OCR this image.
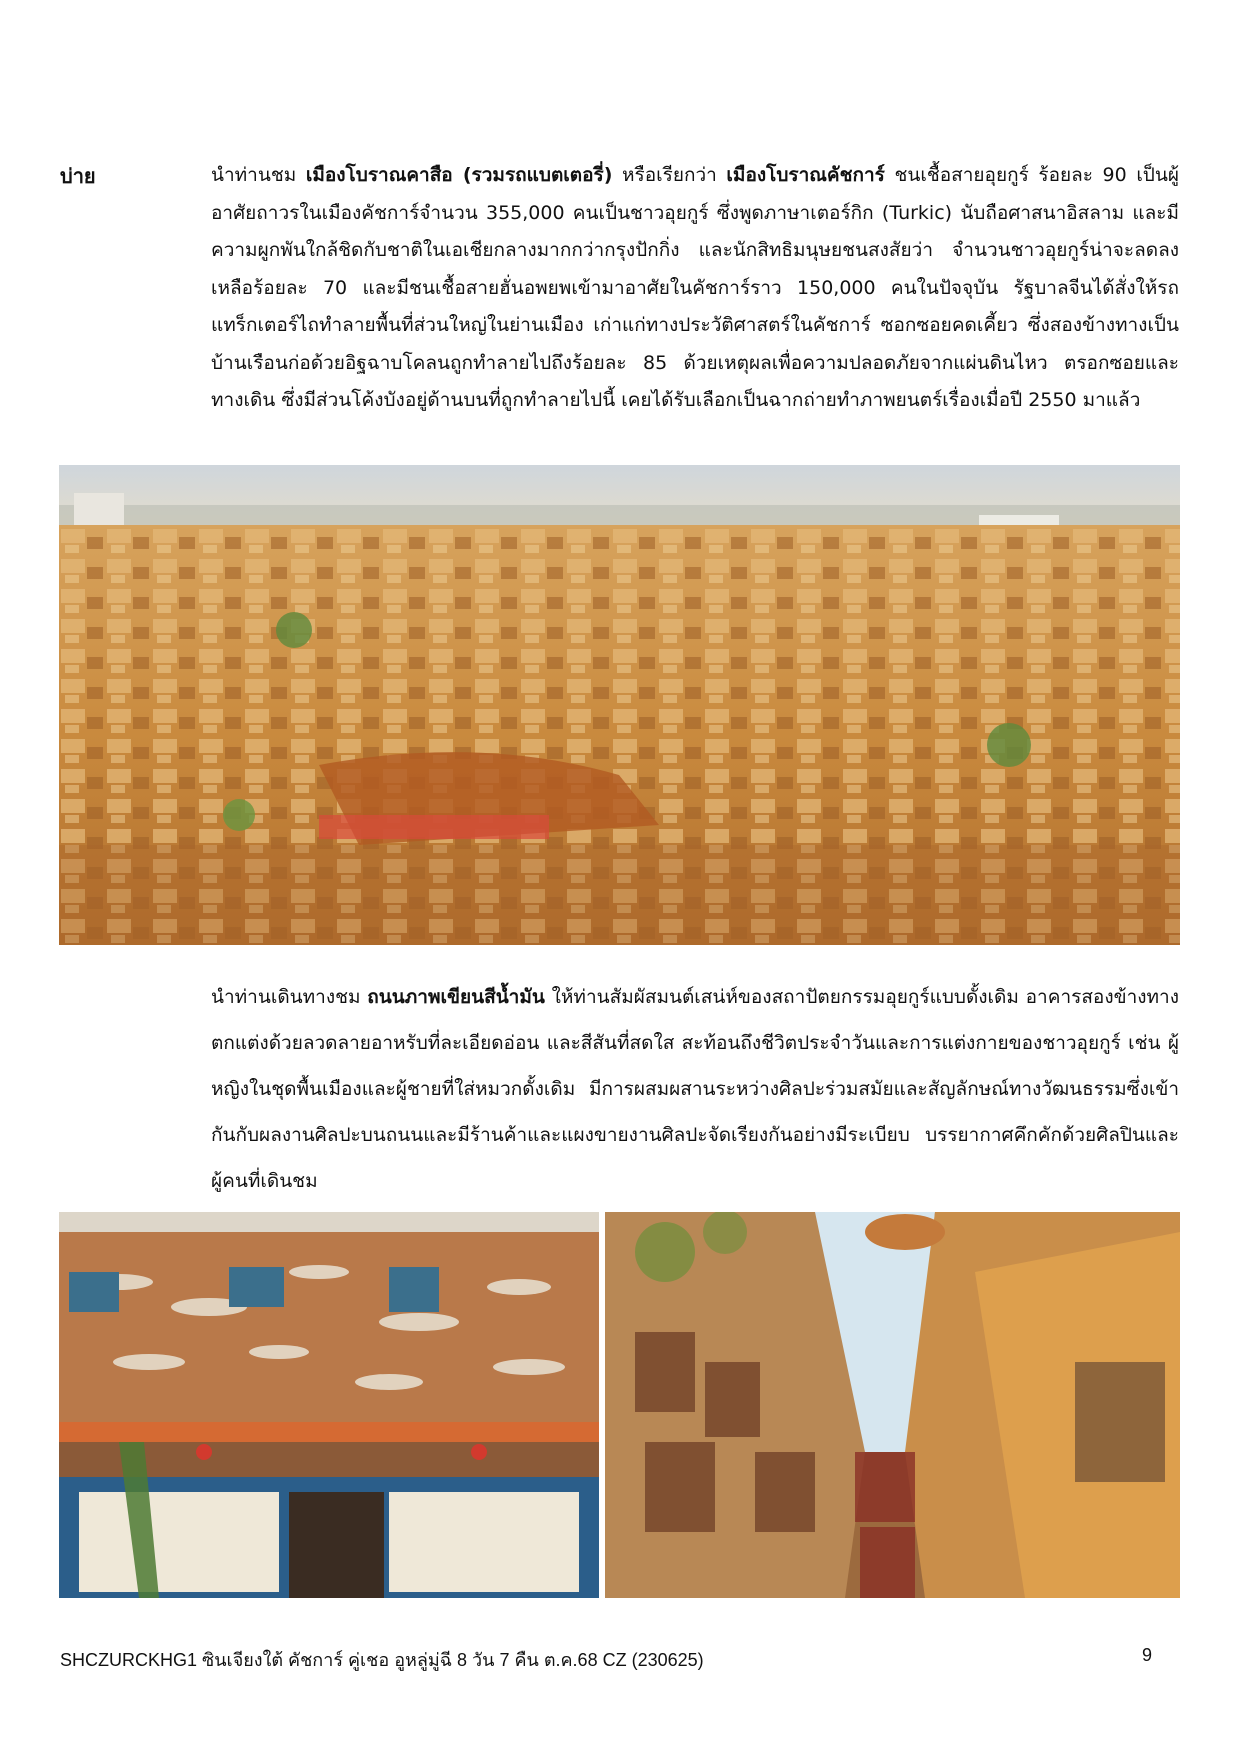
บ่าย	นำท่านชม เมืองโบราณคาสือ (รวมรถแบตเตอรี่) หรือเรียกว่า เมืองโบราณคัชการ์ ชนเชื้อสายอุยกูร์ ร้อยละ 90 เป็นผู้อาศัยถาวรในเมืองคัชการ์จำนวน 355,000 คนเป็นชาวอุยกูร์ ซึ่งพูดภาษาเตอร์กิก (Turkic) นับถือศาสนาอิสลาม และมีความผูกพันใกล้ชิดกับชาติในเอเชียกลางมากกว่ากรุงปักกิ่ง และนักสิทธิมนุษยชนสงสัยว่า จำนวนชาวอุยกูร์น่าจะลดลงเหลือร้อยละ 70 และมีชนเชื้อสายฮั่นอพยพเข้ามาอาศัยในคัชการ์ราว 150,000 คนในปัจจุบัน รัฐบาลจีนได้สั่งให้รถแทร็กเตอร์ไถทำลายพื้นที่ส่วนใหญ่ในย่านเมือง เก่าแก่ทางประวัติศาสตร์ในคัชการ์ ซอกซอยคดเคี้ยว ซึ่งสองข้างทางเป็นบ้านเรือนก่อด้วยอิฐฉาบโคลนถูกทำลายไปถึงร้อยละ 85 ด้วยเหตุผลเพื่อความปลอดภัยจากแผ่นดินไหว ตรอกซอยและทางเดิน ซึ่งมีส่วนโค้งบังอยู่ด้านบนที่ถูกทำลายไปนี้ เคยได้รับเลือกเป็นฉากถ่ายทำภาพยนตร์เรื่องเมื่อปี 2550 มาแล้ว

นำท่านเดินทางชม ถนนภาพเขียนสีน้ำมัน ให้ท่านสัมผัสมนต์เสน่ห์ของสถาปัตยกรรมอุยกูร์แบบดั้งเดิม อาคารสองข้างทางตกแต่งด้วยลวดลายอาหรับที่ละเอียดอ่อน และสีสันที่สดใส สะท้อนถึงชีวิตประจำวันและการแต่งกายของชาวอุยกูร์ เช่น ผู้หญิงในชุดพื้นเมืองและผู้ชายที่ใส่หมวกดั้งเดิม มีการผสมผสานระหว่างศิลปะร่วมสมัยและสัญลักษณ์ทางวัฒนธรรมซึ่งเข้ากันกับผลงานศิลปะบนถนนและมีร้านค้าและแผงขายงานศิลปะจัดเรียงกันอย่างมีระเบียบ บรรยากาศคึกคักด้วยศิลปินและผู้คนที่เดินชม

SHCZURCKHG1 ซินเจียงใต้ คัชการ์ คู่เชอ อูหลู่มู่ฉี 8 วัน 7 คืน ต.ค.68 CZ (230625)	9
